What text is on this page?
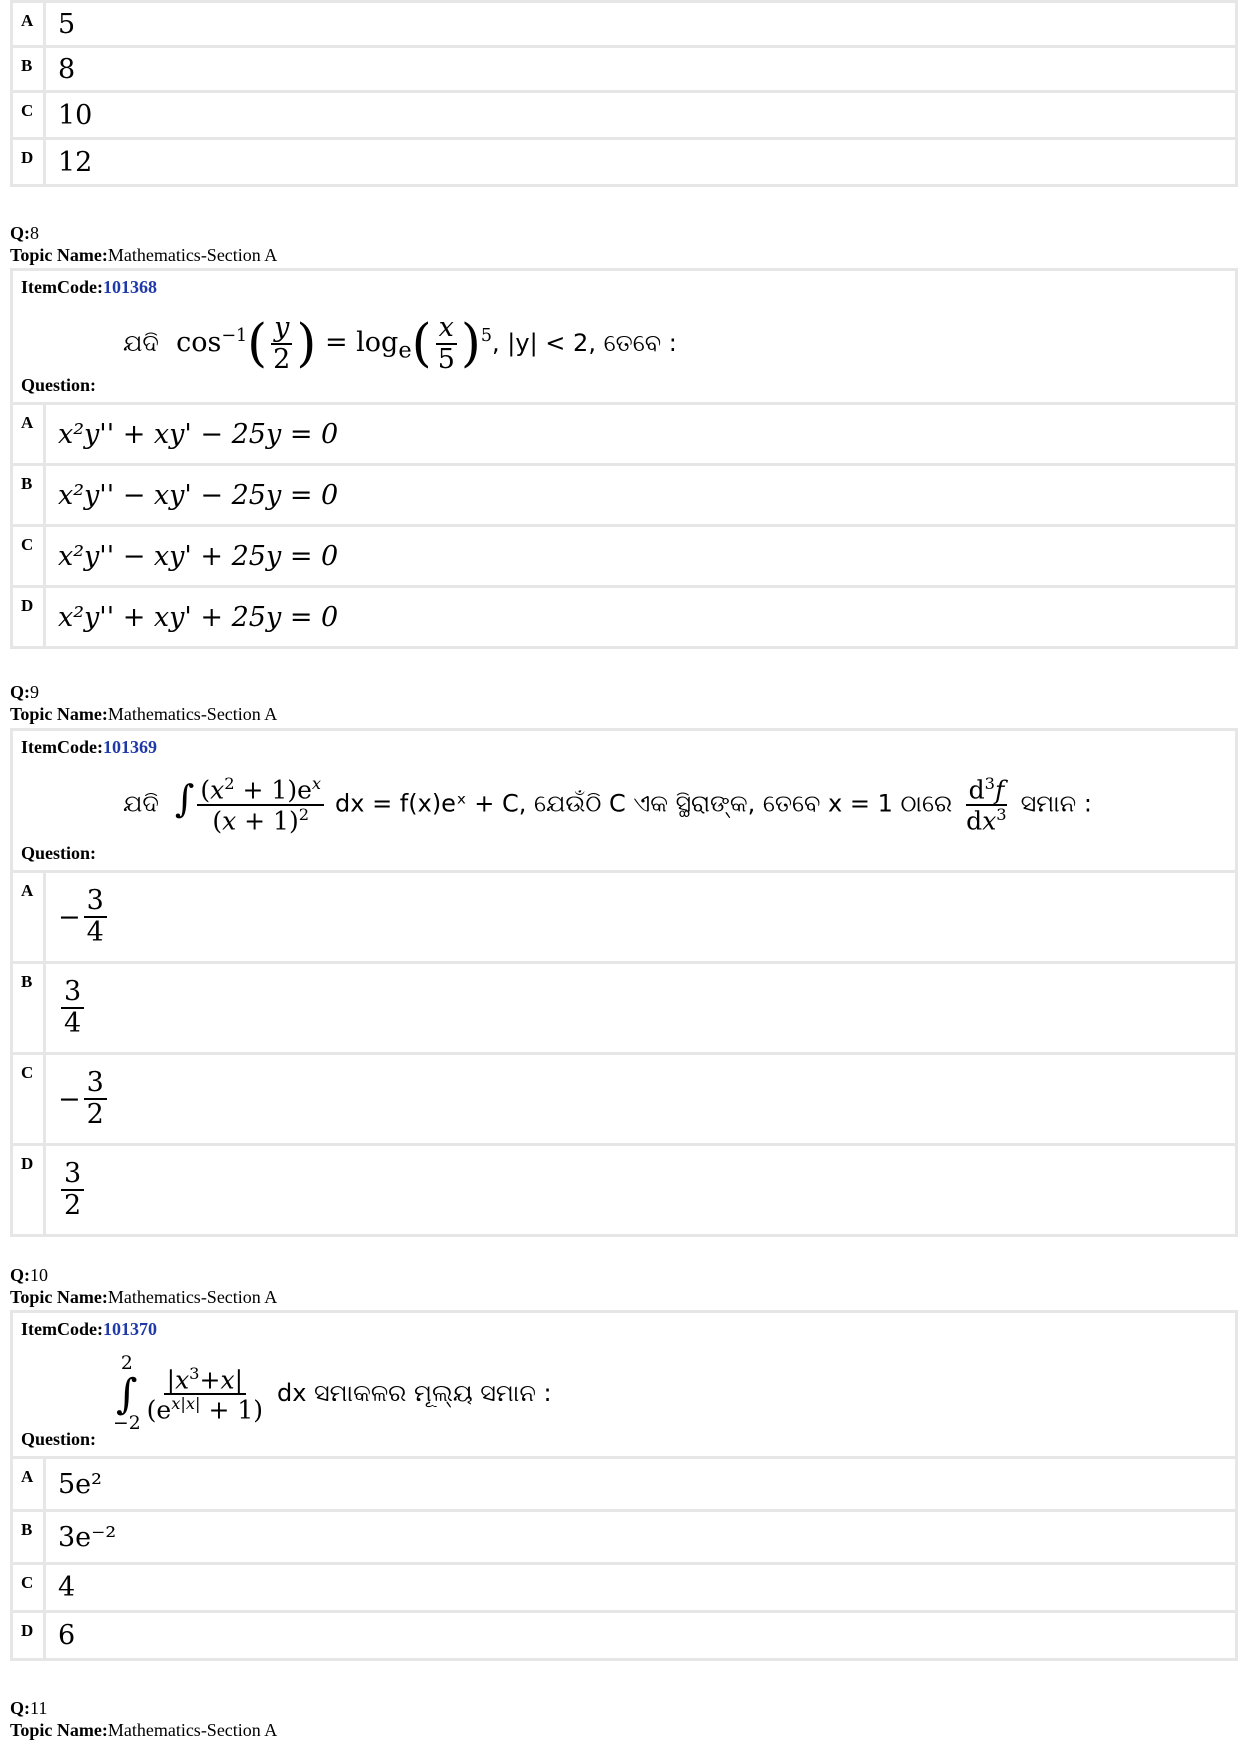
A 5
B 8
C 10
D 12
Q:8
Topic Name:Mathematics-Section A
ItemCode:101368
ଯଦି  $\cos^{-1}( \frac{y}{2}$ ) = $\log_e( \frac{x}{5} )^5$, |y| < 2, ତେବେ :
Question:
A x²y'' + xy' − 25y = 0
B x²y'' − xy' − 25y = 0
C x²y'' − xy' + 25y = 0
D x²y'' + xy' + 25y = 0
Q:9
Topic Name:Mathematics-Section A
ItemCode:101369
ଯଦି ∫ $\frac{(x^2 + 1)e^x}{(x + 1)^2}$ dx = f(x)eˣ + C, ଯେଉଁଠି C ଏକ ସ୍ଥିରାଙ୍କ, ତେବେ x = 1 ଠାରେ $\frac{d^3f}{dx^3}$ ସମାନ :
Question:
A
− $\frac{3}{4}$
B	$\frac{3}{4}$
C
− $\frac{3}{2}$
D	$\frac{3}{2}$
Q:10
Topic Name:Mathematics-Section A
ItemCode:101370
2
∫
$-2 \frac{|x^3+x|}{(e^{x|x|} + 1)}$ dx ସମାକଳର ମୂଲ୍ୟ ସମାନ :
Question:
A 5e²
B 3e⁻²
C 4
D 6
Q:11
Topic Name:Mathematics-Section A
